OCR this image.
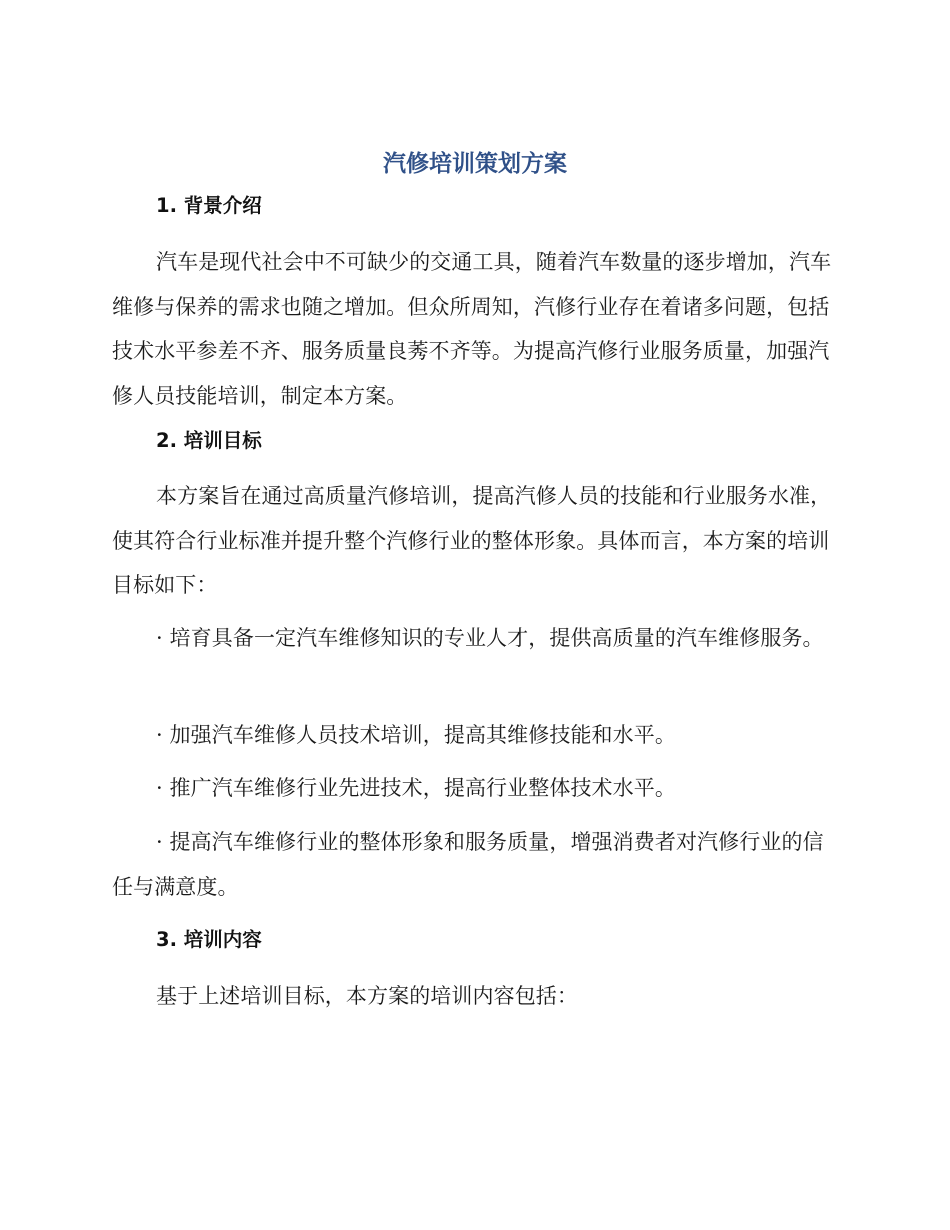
汽修培训策划方案
1. 背景介绍
汽车是现代社会中不可缺少的交通工具，随着汽车数量的逐步增加，汽车维修与保养的需求也随之增加。但众所周知，汽修行业存在着诸多问题，包括技术水平参差不齐、服务质量良莠不齐等。为提高汽修行业服务质量，加强汽修人员技能培训，制定本方案。
2. 培训目标
本方案旨在通过高质量汽修培训，提高汽修人员的技能和行业服务水准，使其符合行业标准并提升整个汽修行业的整体形象。具体而言，本方案的培训目标如下：
· 培育具备一定汽车维修知识的专业人才，提供高质量的汽车维修服务。
· 加强汽车维修人员技术培训，提高其维修技能和水平。
· 推广汽车维修行业先进技术，提高行业整体技术水平。
· 提高汽车维修行业的整体形象和服务质量，增强消费者对汽修行业的信任与满意度。
3. 培训内容
基于上述培训目标，本方案的培训内容包括：
